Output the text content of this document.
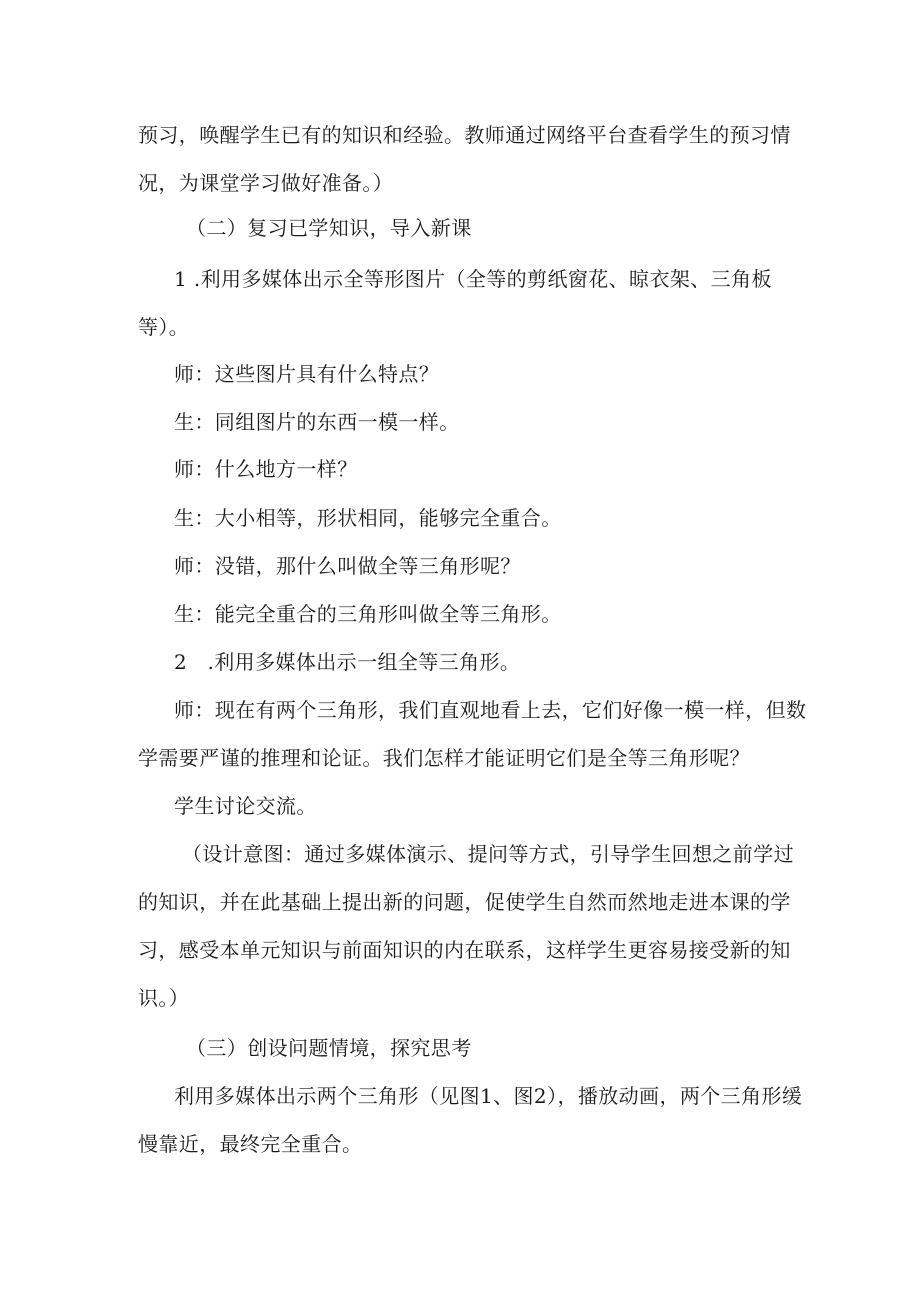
预习，唤醒学生已有的知识和经验。教师通过网络平台查看学生的预习情
况，为课堂学习做好准备。）
（二）复习已学知识，导入新课
1 .利用多媒体出示全等形图片（全等的剪纸窗花、晾衣架、三角板
等）。
师：这些图片具有什么特点？
生：同组图片的东西一模一样。
师：什么地方一样？
生：大小相等，形状相同，能够完全重合。
师：没错，那什么叫做全等三角形呢？
生：能完全重合的三角形叫做全等三角形。
2　.利用多媒体出示一组全等三角形。
师：现在有两个三角形，我们直观地看上去，它们好像一模一样，但数
学需要严谨的推理和论证。我们怎样才能证明它们是全等三角形呢？
学生讨论交流。
（设计意图：通过多媒体演示、提问等方式，引导学生回想之前学过
的知识，并在此基础上提出新的问题，促使学生自然而然地走进本课的学
习，感受本单元知识与前面知识的内在联系，这样学生更容易接受新的知
识。）
（三）创设问题情境，探究思考
利用多媒体出示两个三角形（见图1、图2），播放动画，两个三角形缓
慢靠近，最终完全重合。
